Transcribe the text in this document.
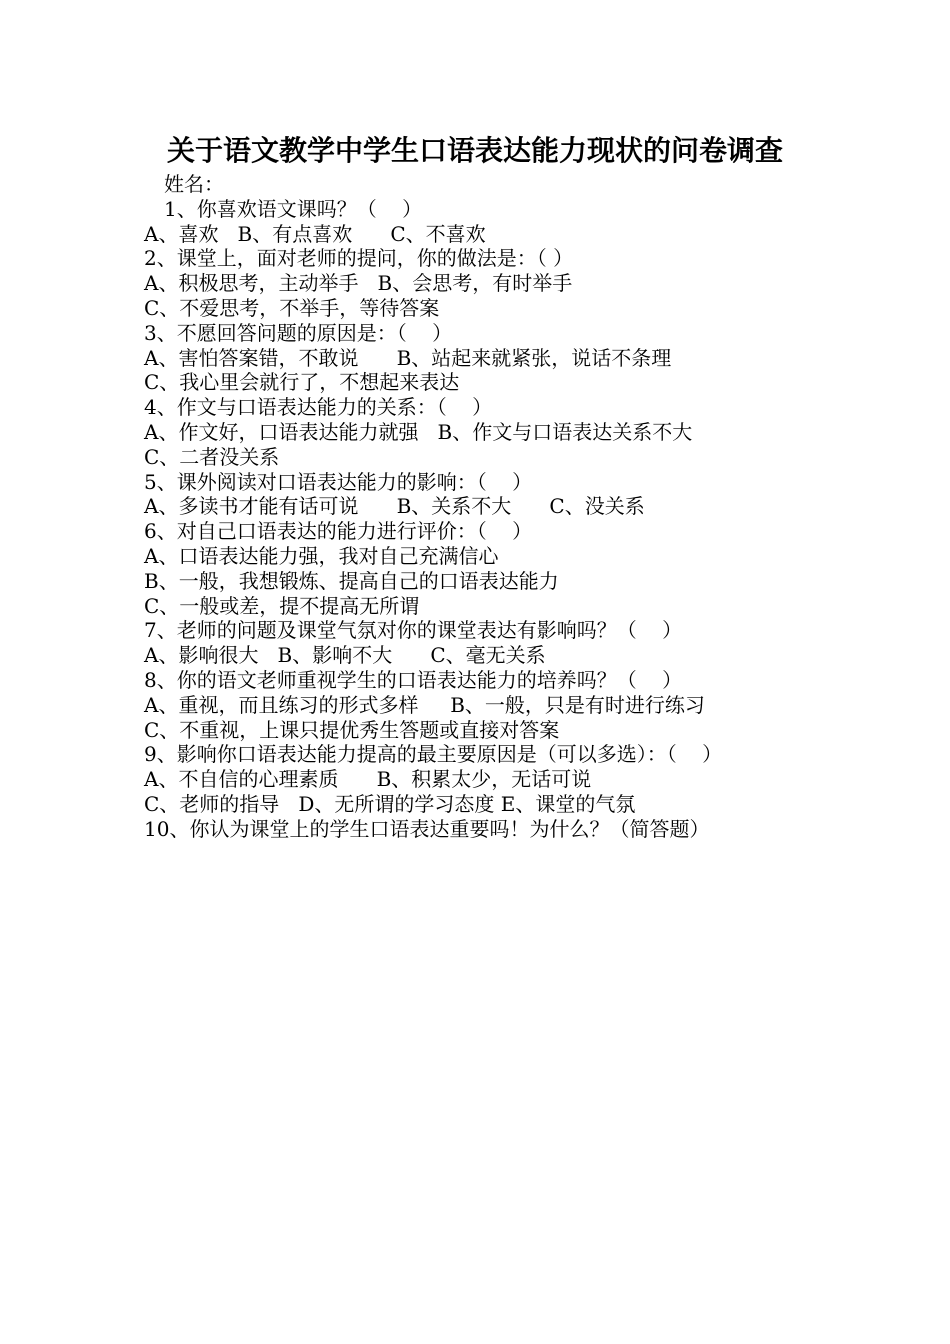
关于语文教学中学生口语表达能力现状的问卷调查
姓名：
1、你喜欢语文课吗？（    ）
A、喜欢   B、有点喜欢      C、不喜欢
2、课堂上，面对老师的提问，你的做法是：（ ）
A、积极思考，主动举手   B、会思考，有时举手
C、不爱思考，不举手，等待答案
3、不愿回答问题的原因是：（    ）
A、害怕答案错，不敢说      B、站起来就紧张，说话不条理
C、我心里会就行了，不想起来表达
4、作文与口语表达能力的关系：（    ）
A、作文好，口语表达能力就强   B、作文与口语表达关系不大
C、二者没关系
5、课外阅读对口语表达能力的影响：（    ）
A、多读书才能有话可说      B、关系不大      C、没关系
6、对自己口语表达的能力进行评价：（    ）
A、口语表达能力强，我对自己充满信心
B、一般，我想锻炼、提高自己的口语表达能力
C、一般或差，提不提高无所谓
7、老师的问题及课堂气氛对你的课堂表达有影响吗？（    ）
A、影响很大   B、影响不大      C、毫无关系
8、你的语文老师重视学生的口语表达能力的培养吗？（    ）
A、重视，而且练习的形式多样     B、一般，只是有时进行练习
C、不重视，上课只提优秀生答题或直接对答案
9、影响你口语表达能力提高的最主要原因是（可以多选）：（    ）
A、不自信的心理素质      B、积累太少，无话可说
C、老师的指导   D、无所谓的学习态度 E、课堂的气氛
10、你认为课堂上的学生口语表达重要吗！为什么？（简答题）
